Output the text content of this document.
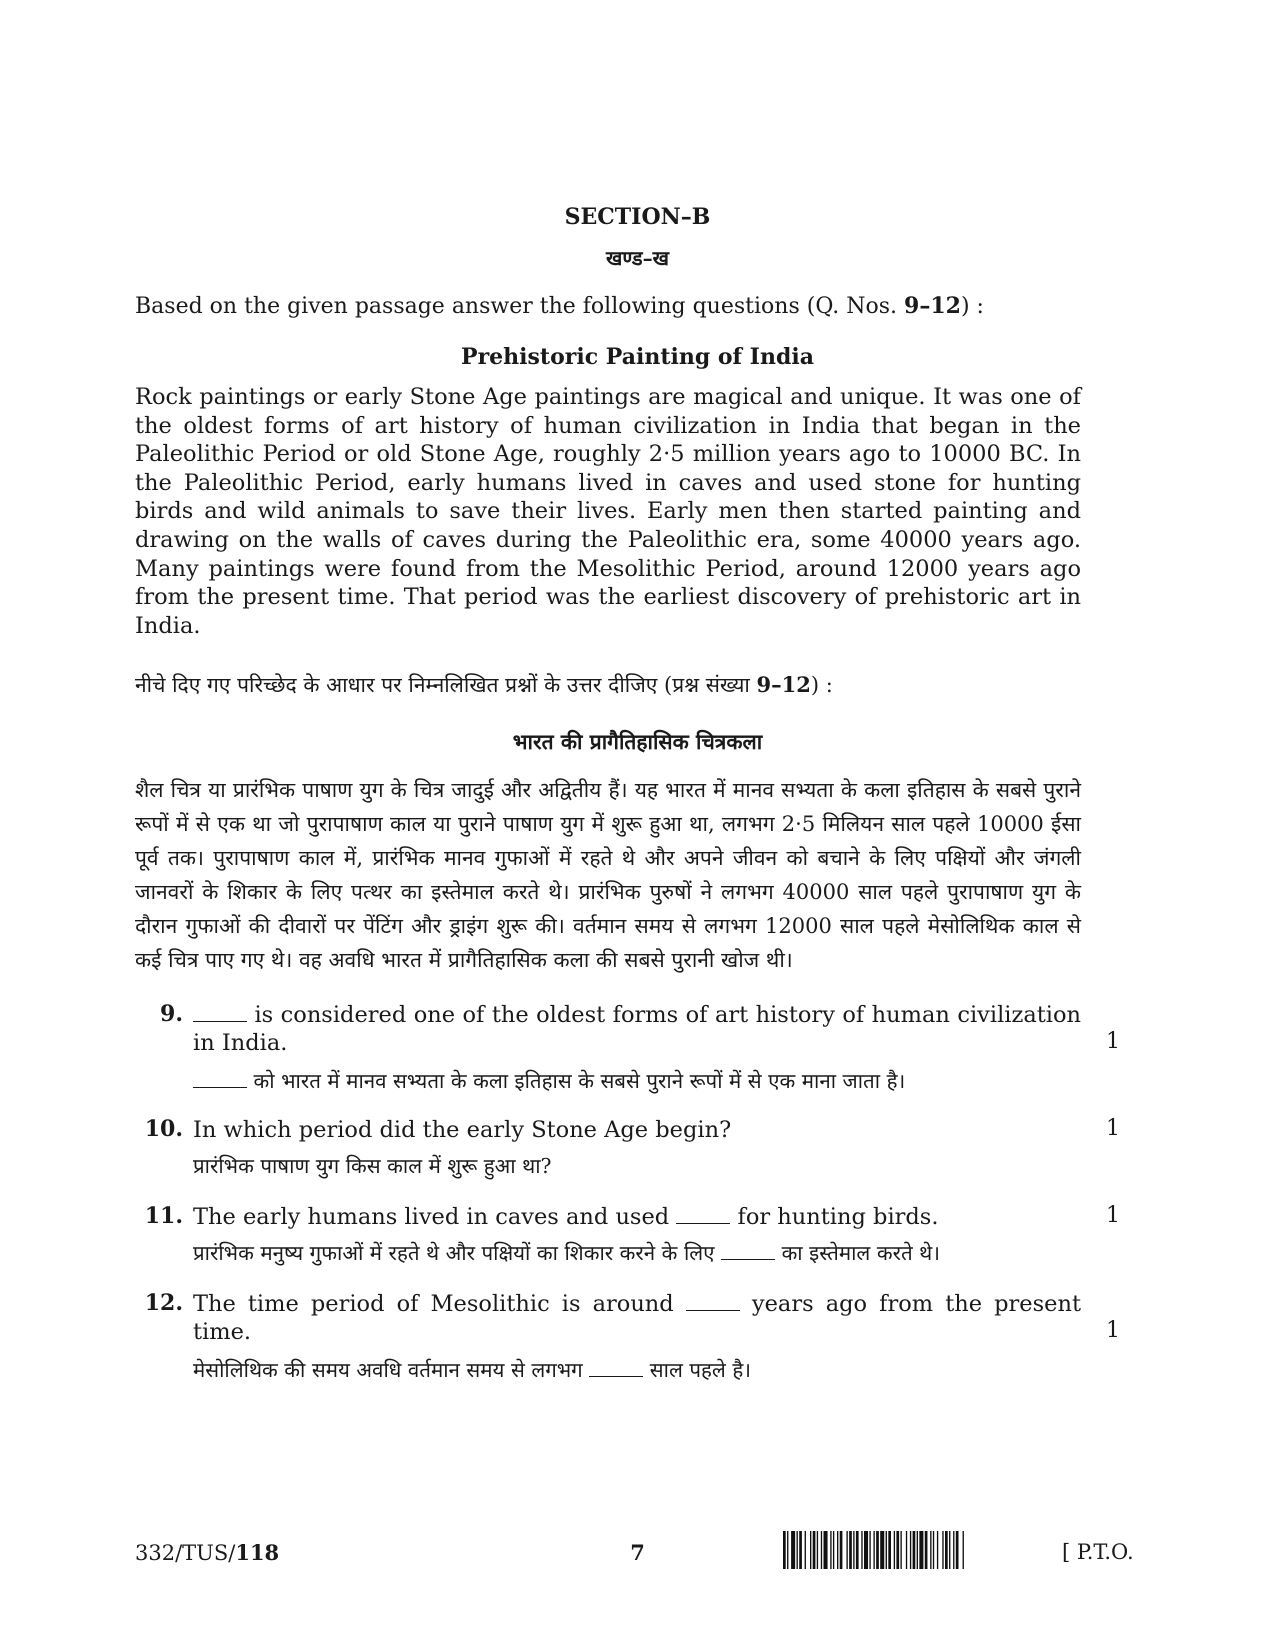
SECTION–B
खण्ड–ख
Based on the given passage answer the following questions (Q. Nos. 9–12) :
Prehistoric Painting of India
Rock paintings or early Stone Age paintings are magical and unique. It was one of the oldest forms of art history of human civilization in India that began in the Paleolithic Period or old Stone Age, roughly 2·5 million years ago to 10000 BC. In the Paleolithic Period, early humans lived in caves and used stone for hunting birds and wild animals to save their lives. Early men then started painting and drawing on the walls of caves during the Paleolithic era, some 40000 years ago. Many paintings were found from the Mesolithic Period, around 12000 years ago from the present time. That period was the earliest discovery of prehistoric art in India.
नीचे दिए गए परिच्छेद के आधार पर निम्नलिखित प्रश्नों के उत्तर दीजिए (प्रश्न संख्या 9–12) :
भारत की प्रागैतिहासिक चित्रकला
शैल चित्र या प्रारंभिक पाषाण युग के चित्र जादुई और अद्वितीय हैं। यह भारत में मानव सभ्यता के कला इतिहास के सबसे पुराने रूपों में से एक था जो पुरापाषाण काल या पुराने पाषाण युग में शुरू हुआ था, लगभग 2·5 मिलियन साल पहले 10000 ईसा पूर्व तक। पुरापाषाण काल में, प्रारंभिक मानव गुफाओं में रहते थे और अपने जीवन को बचाने के लिए पक्षियों और जंगली जानवरों के शिकार के लिए पत्थर का इस्तेमाल करते थे। प्रारंभिक पुरुषों ने लगभग 40000 साल पहले पुरापाषाण युग के दौरान गुफाओं की दीवारों पर पेंटिंग और ड्राइंग शुरू की। वर्तमान समय से लगभग 12000 साल पहले मेसोलिथिक काल से कई चित्र पाए गए थे। वह अवधि भारत में प्रागैतिहासिक कला की सबसे पुरानी खोज थी।
9.	is considered one of the oldest forms of art history of human civilization in India.	1
को भारत में मानव सभ्यता के कला इतिहास के सबसे पुराने रूपों में से एक माना जाता है।
10. In which period did the early Stone Age begin?	1
प्रारंभिक पाषाण युग किस काल में शुरू हुआ था?
11. The early humans lived in caves and used	for hunting birds.	1
प्रारंभिक मनुष्य गुफाओं में रहते थे और पक्षियों का शिकार करने के लिए	का इस्तेमाल करते थे।
12. The time period of Mesolithic is around	years ago from the present time.	1
मेसोलिथिक की समय अवधि वर्तमान समय से लगभग	साल पहले है।
332/TUS/118	7	[ P.T.O.
